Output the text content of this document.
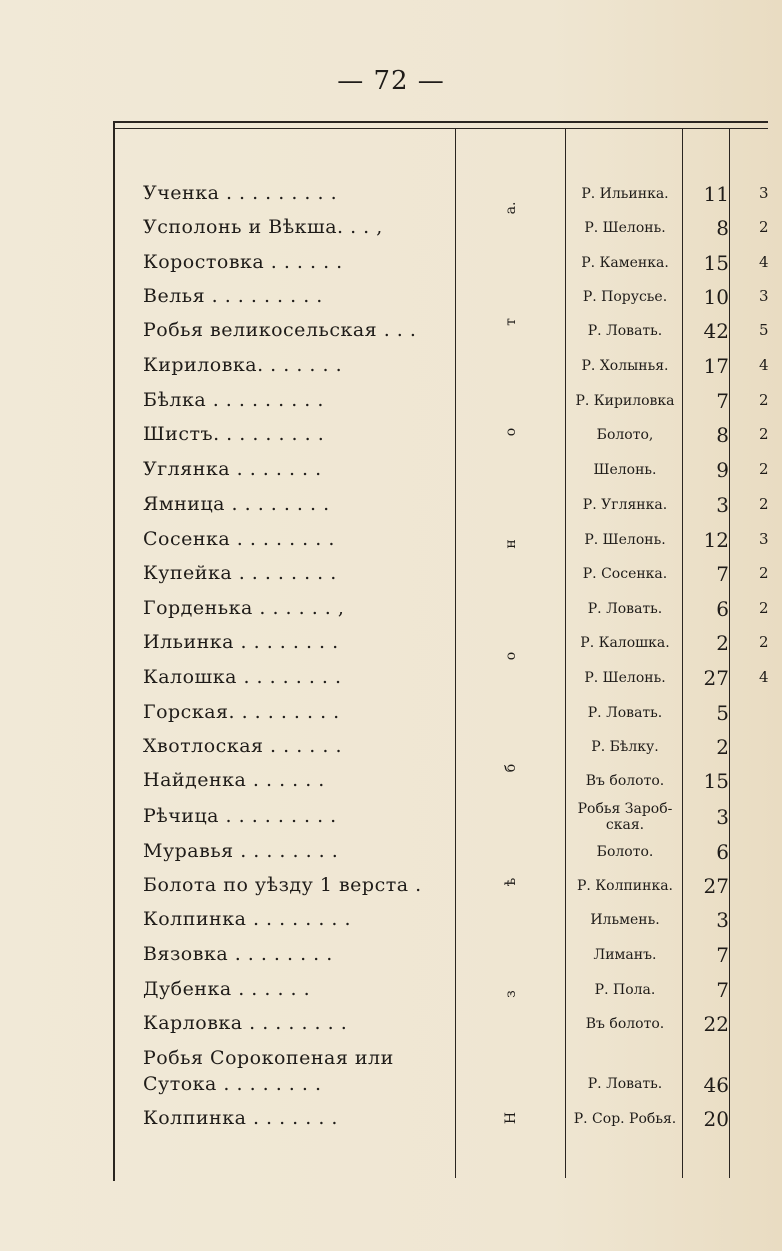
— 72 —
а.
т
о
н
о
б
ѣ
з
Н
Ученка . . . . . . . . .	Р. Ильинка.	11 3
Усполонь и Вѣкша. . . ,	Р. Шелонь.	8 2
Коростовка . . . . . .	Р. Каменка.	15 4
Велья . . . . . . . . .	Р. Порусье.	10 3
Робья великосельская . . .	Р. Ловать.	42 5
Кириловка. . . . . . .	Р. Холынья.	17 4
Бѣлка . . . . . . . . .	Р. Кириловка	7 2
Шистъ. . . . . . . . .	Болото,	8 2
Углянка . . . . . . .	Шелонь.	9 2
Ямница . . . . . . . .	Р. Углянка.	3 2
Сосенка . . . . . . . .	Р. Шелонь.	12 3
Купейка . . . . . . . .	Р. Сосенка.	7 2
Горденька . . . . . . ,	Р. Ловать.	6 2
Ильинка . . . . . . . .	Р. Калошка.	2 2
Калошка . . . . . . . .	Р. Шелонь.	27 4
Горская. . . . . . . . .	Р. Ловать.	5
Хвотлоская . . . . . .	Р. Бѣлку.	2
Найденка . . . . . .	Въ болото.	15
Рѣчица . . . . . . . . .	Робья Зароб-ская.	3
Муравья . . . . . . . .	Болото.	6
Болота по уѣзду 1 верста .	Р. Колпинка.	27
Колпинка . . . . . . . .	Ильмень.	3
Вязовка . . . . . . . .	Лиманъ.	7
Дубенка . . . . . .	Р. Пола.	7
Карловка . . . . . . . .	Въ болото.	22
Робья Сорокопеная или Сутока . . . . . . . .	Р. Ловать.	46
Колпинка . . . . . . .	Р. Сор. Робья.	20
